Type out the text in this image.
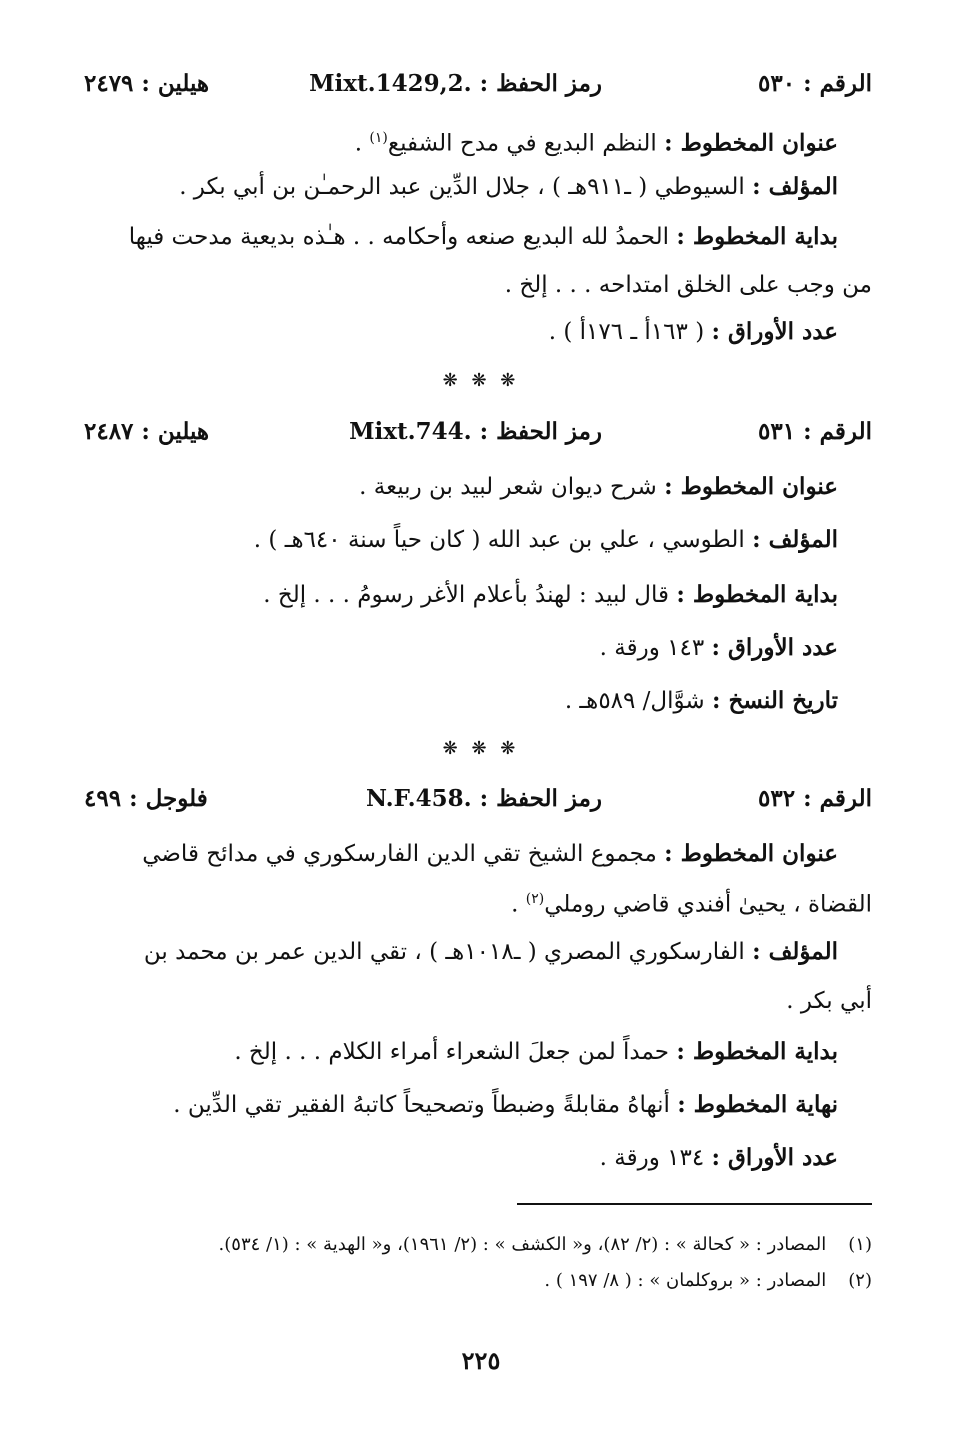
الرقم : ٥٣٠
رمز الحفظ : Mixt.1429,2.
هيلين : ٢٤٧٩
عنوان المخطوط : النظم البديع في مدح الشفيع$^{(١)}$ .
المؤلف : السيوطي ( ـ٩١١هـ ) ، جلال الدِّين عبد الرحمـٰن بن أبي بكر .
بداية المخطوط : الحمدُ لله البديع صنعه وأحكامه . . هـٰذه بديعية مدحت فيها
من وجب على الخلق امتداحه . . . إلخ .
عدد الأوراق : ( ١٦٣أ ـ ١٧٦أ ) .
❋ ❋ ❋
الرقم : ٥٣١
رمز الحفظ : Mixt.744.
هيلين : ٢٤٨٧
عنوان المخطوط : شرح ديوان شعر لبيد بن ربيعة .
المؤلف : الطوسي ، علي بن عبد الله ( كان حياً سنة ٦٤٠هـ ) .
بداية المخطوط : قال لبيد : لهندُ بأعلام الأغر رسومُ . . . إلخ .
عدد الأوراق : ١٤٣ ورقة .
تاريخ النسخ : شوَّال/ ٥٨٩هـ .
❋ ❋ ❋
الرقم : ٥٣٢
رمز الحفظ : N.F.458.
فلوجل : ٤٩٩
عنوان المخطوط : مجموع الشيخ تقي الدين الفارسكوري في مدائح قاضي
القضاة ، يحيىٰ أفندي قاضي روملي$^{(٢)}$ .
المؤلف : الفارسكوري المصري ( ـ١٠١٨هـ ) ، تقي الدين عمر بن محمد بن
أبي بكر .
بداية المخطوط : حمداً لمن جعلَ الشعراء أمراء الكلام . . . إلخ .
نهاية المخطوط : أنهاهُ مقابلةً وضبطاً وتصحيحاً كاتبهُ الفقير تقي الدِّين .
عدد الأوراق : ١٣٤ ورقة .
(١)المصادر : « كحالة » : (٢/ ٨٢)، و« الكشف » : (٢/ ١٩٦١)، و« الهدية » : (١/ ٥٣٤).
(٢)المصادر : « بروكلمان » : ( ٨/ ١٩٧ ) .
٢٢٥
